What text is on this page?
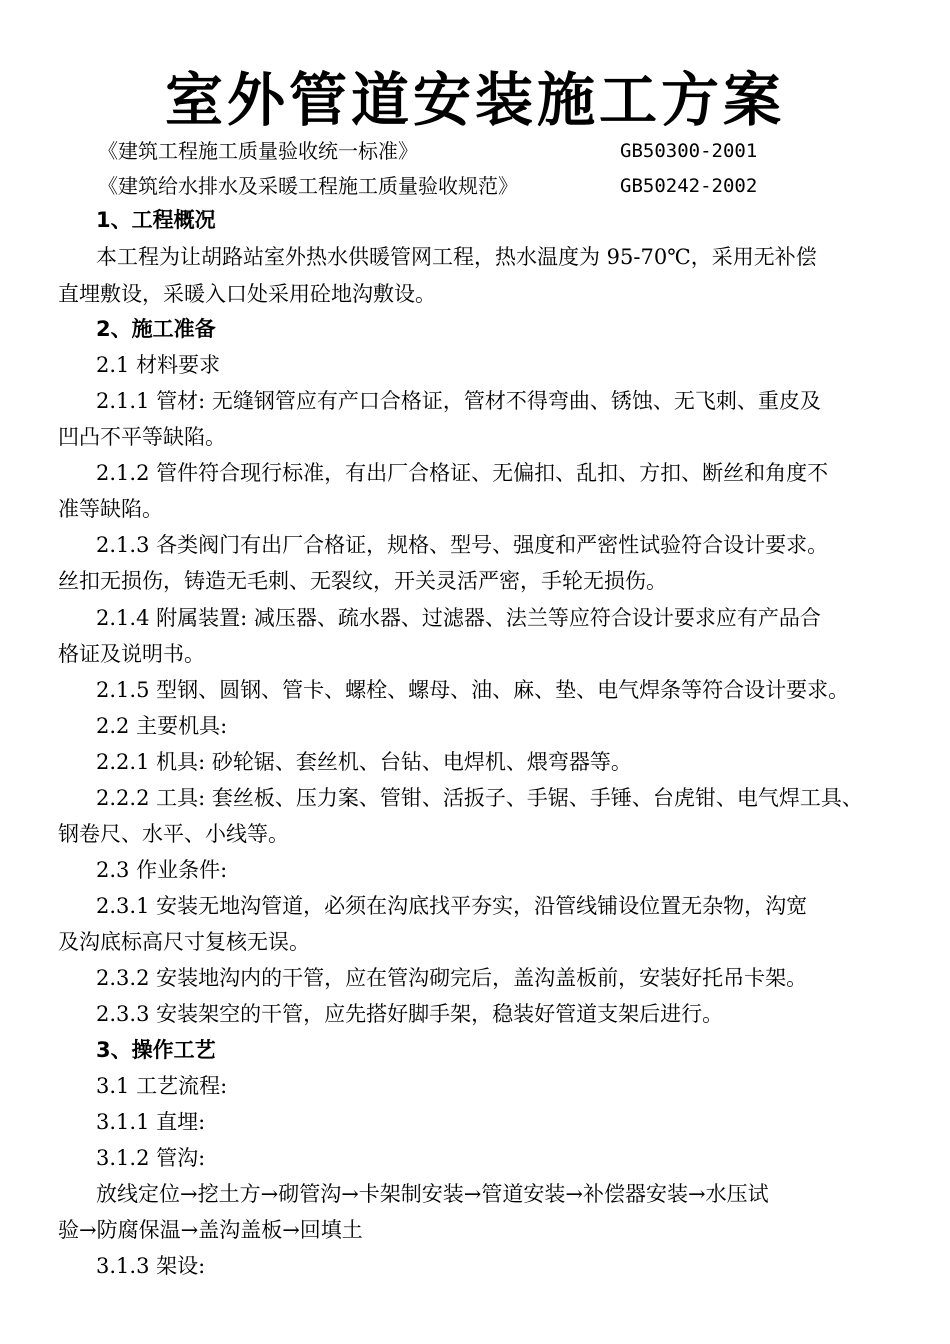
室外管道安装施工方案
《建筑工程施工质量验收统一标准》	GB50300-2001
《建筑给水排水及采暖工程施工质量验收规范》	GB50242-2002
1、工程概况
本工程为让胡路站室外热水供暖管网工程，热水温度为 95-70℃，采用无补偿
直埋敷设，采暖入口处采用砼地沟敷设。
2、施工准备
2.1 材料要求
2.1.1 管材: 无缝钢管应有产口合格证，管材不得弯曲、锈蚀、无飞刺、重皮及
凹凸不平等缺陷。
2.1.2 管件符合现行标准，有出厂合格证、无偏扣、乱扣、方扣、断丝和角度不
准等缺陷。
2.1.3 各类阀门有出厂合格证，规格、型号、强度和严密性试验符合设计要求。
丝扣无损伤，铸造无毛刺、无裂纹，开关灵活严密，手轮无损伤。
2.1.4 附属装置: 减压器、疏水器、过滤器、法兰等应符合设计要求应有产品合
格证及说明书。
2.1.5 型钢、圆钢、管卡、螺栓、螺母、油、麻、垫、电气焊条等符合设计要求。
2.2 主要机具:
2.2.1 机具: 砂轮锯、套丝机、台钻、电焊机、煨弯器等。
2.2.2 工具: 套丝板、压力案、管钳、活扳子、手锯、手锤、台虎钳、电气焊工具、
钢卷尺、水平、小线等。
2.3 作业条件:
2.3.1 安装无地沟管道，必须在沟底找平夯实，沿管线铺设位置无杂物，沟宽
及沟底标高尺寸复核无误。
2.3.2 安装地沟内的干管，应在管沟砌完后，盖沟盖板前，安装好托吊卡架。
2.3.3 安装架空的干管，应先搭好脚手架，稳装好管道支架后进行。
3、操作工艺
3.1 工艺流程:
3.1.1 直埋:
3.1.2 管沟:
放线定位→挖土方→砌管沟→卡架制安装→管道安装→补偿器安装→水压试
验→防腐保温→盖沟盖板→回填土
3.1.3 架设:
